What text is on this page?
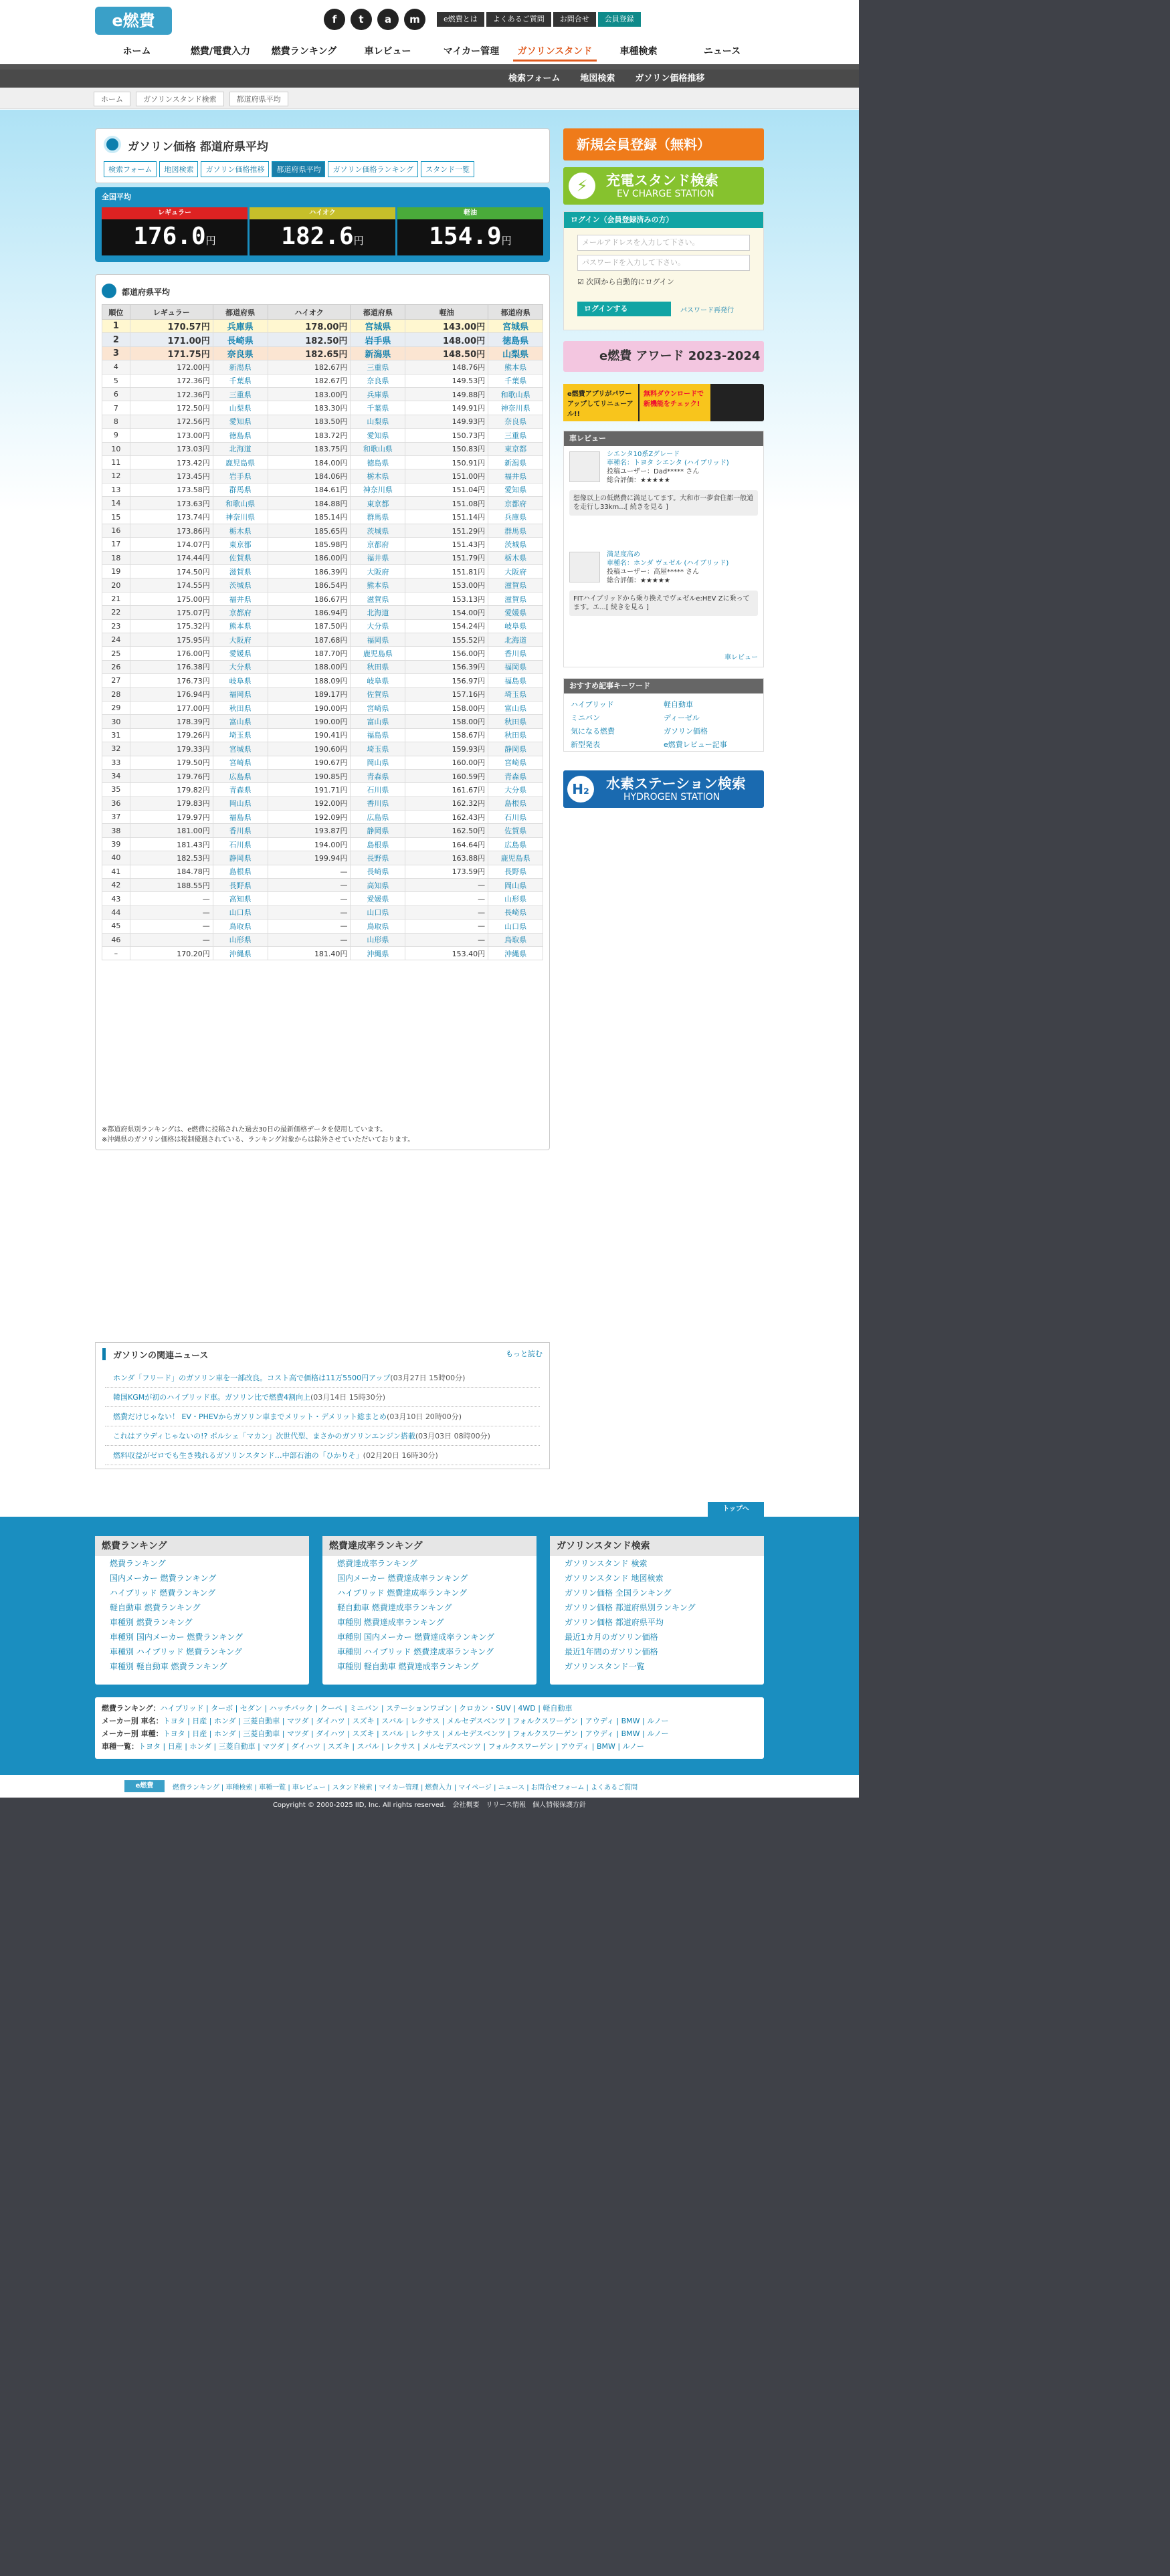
e燃費	f	t	a	m	e燃費とは	よくあるご質問	お問合せ	会員登録
ホーム	燃費/電費入力	燃費ランキング	車レビュー	マイカー管理	ガソリンスタンド	車種検索	ニュース
検索フォーム 地図検索 ガソリン価格推移
ホーム	ガソリンスタンド検索	都道府県平均
ガソリン価格 都道府県平均
検索フォーム	地図検索	ガソリン価格推移	都道府県平均	ガソリン価格ランキング	スタンド一覧
全国平均
レギュラー
176.0円
ハイオク
182.6円
軽油
154.9円
都道府県平均
順位	レギュラー	都道府県	ハイオク	都道府県	軽油	都道府県
1	170.57円	兵庫県	178.00円	宮城県	143.00円	宮城県
2	171.00円	長崎県	182.50円	岩手県	148.00円	徳島県
3	171.75円	奈良県	182.65円	新潟県	148.50円	山梨県
4	172.00円	新潟県	182.67円	三重県	148.76円	熊本県
5	172.36円	千葉県	182.67円	奈良県	149.53円	千葉県
6	172.36円	三重県	183.00円	兵庫県	149.88円	和歌山県
7	172.50円	山梨県	183.30円	千葉県	149.91円	神奈川県
8	172.56円	愛知県	183.50円	山梨県	149.93円	奈良県
9	173.00円	徳島県	183.72円	愛知県	150.73円	三重県
10	173.03円	北海道	183.75円	和歌山県	150.83円	東京都
11	173.42円	鹿児島県	184.00円	徳島県	150.91円	新潟県
12	173.45円	岩手県	184.06円	栃木県	151.00円	福井県
13	173.58円	群馬県	184.61円	神奈川県	151.04円	愛知県
14	173.63円	和歌山県	184.88円	東京都	151.08円	京都府
15	173.74円	神奈川県	185.14円	群馬県	151.14円	兵庫県
16	173.86円	栃木県	185.65円	茨城県	151.29円	群馬県
17	174.07円	東京都	185.98円	京都府	151.43円	茨城県
18	174.44円	佐賀県	186.00円	福井県	151.79円	栃木県
19	174.50円	滋賀県	186.39円	大阪府	151.81円	大阪府
20	174.55円	茨城県	186.54円	熊本県	153.00円	滋賀県
21	175.00円	福井県	186.67円	滋賀県	153.13円	滋賀県
22	175.07円	京都府	186.94円	北海道	154.00円	愛媛県
23	175.32円	熊本県	187.50円	大分県	154.24円	岐阜県
24	175.95円	大阪府	187.68円	福岡県	155.52円	北海道
25	176.00円	愛媛県	187.70円	鹿児島県	156.00円	香川県
26	176.38円	大分県	188.00円	秋田県	156.39円	福岡県
27	176.73円	岐阜県	188.09円	岐阜県	156.97円	福島県
28	176.94円	福岡県	189.17円	佐賀県	157.16円	埼玉県
29	177.00円	秋田県	190.00円	宮崎県	158.00円	富山県
30	178.39円	富山県	190.00円	富山県	158.00円	秋田県
31	179.26円	埼玉県	190.41円	福島県	158.67円	秋田県
32	179.33円	宮城県	190.60円	埼玉県	159.93円	静岡県
33	179.50円	宮崎県	190.67円	岡山県	160.00円	宮崎県
34	179.76円	広島県	190.85円	青森県	160.59円	青森県
35	179.82円	青森県	191.71円	石川県	161.67円	大分県
36	179.83円	岡山県	192.00円	香川県	162.32円	島根県
37	179.97円	福島県	192.09円	広島県	162.43円	石川県
38	181.00円	香川県	193.87円	静岡県	162.50円	佐賀県
39	181.43円	石川県	194.00円	島根県	164.64円	広島県
40	182.53円	静岡県	199.94円	長野県	163.88円	鹿児島県
41	184.78円	島根県	—	長崎県	173.59円	長野県
42	188.55円	長野県	—	高知県	—	岡山県
43	—	高知県	—	愛媛県	—	山形県
44	—	山口県	—	山口県	—	長崎県
45	—	鳥取県	—	鳥取県	—	山口県
46	—	山形県	—	山形県	—	鳥取県
–	170.20円	沖縄県	181.40円	沖縄県	153.40円	沖縄県
※都道府県別ランキングは、e燃費に投稿された過去30日の最新価格データを使用しています。
※沖縄県のガソリン価格は税制優遇されている、ランキング対象からは除外させていただいております。
新規会員登録（無料）
⚡	充電スタンド検索
EV CHARGE STATION
ログイン（会員登録済みの方）
メールアドレスを入力して下さい。
パスワードを入力して下さい。
☑ 次回から自動的にログイン
ログインする	パスワード再発行
e燃費 アワード 2023-2024
e燃費アプリがパワーアップしてリニューアル!!
無料ダウンロードで新機能をチェック!
車レビュー
シエンタ10系Zグレード
車種名：トヨタ シエンタ (ハイブリッド)
投稿ユーザー：Dad***** さん
総合評価：★★★★★
想像以上の低燃費に満足してます。大和市一夢食住都一般道を走行し33km...[ 続きを見る ]
満足度高め
車種名：ホンダ ヴェゼル (ハイブリッド)
投稿ユーザー：高屋***** さん
総合評価：★★★★★
FITハイブリッドから乗り換えでヴェゼルe:HEV Zに乗ってます。エ...[ 続きを見る ]
車レビュー
おすすめ記事キーワード
ハイブリッド	軽自動車
ミニバン	ディーゼル
気になる燃費	ガソリン価格
新型発表	e燃費レビュー記事
H₂	水素ステーション検索
HYDROGEN STATION
ガソリンの関連ニュース	もっと読む
ホンダ「フリード」のガソリン車を一部改良。コスト高で価格は11万5500円アップ(03月27日 15時00分)
韓国KGMが初のハイブリッド車。ガソリン比で燃費4割向上(03月14日 15時30分)
燃費だけじゃない！ EV・PHEVからガソリン車までメリット・デメリット総まとめ(03月10日 20時00分)
これはアウディじゃないの!? ポルシェ「マカン」次世代型、まさかのガソリンエンジン搭載(03月03日 08時00分)
燃料収益がゼロでも生き残れるガソリンスタンド…中部石油の「ひかりそ」(02月20日 16時30分)
トップへ
燃費ランキング
燃費ランキング
国内メーカー 燃費ランキング
ハイブリッド 燃費ランキング
軽自動車 燃費ランキング
車種別 燃費ランキング
車種別 国内メーカー 燃費ランキング
車種別 ハイブリッド 燃費ランキング
車種別 軽自動車 燃費ランキング
燃費達成率ランキング
燃費達成率ランキング
国内メーカー 燃費達成率ランキング
ハイブリッド 燃費達成率ランキング
軽自動車 燃費達成率ランキング
車種別 燃費達成率ランキング
車種別 国内メーカー 燃費達成率ランキング
車種別 ハイブリッド 燃費達成率ランキング
車種別 軽自動車 燃費達成率ランキング
ガソリンスタンド検索
ガソリンスタンド 検索
ガソリンスタンド 地図検索
ガソリン価格 全国ランキング
ガソリン価格 都道府県別ランキング
ガソリン価格 都道府県平均
最近1カ月のガソリン価格
最近1年間のガソリン価格
ガソリンスタンド一覧
燃費ランキング：ハイブリッド | ターボ | セダン | ハッチバック | クーペ | ミニバン | ステーションワゴン | クロカン・SUV | 4WD | 軽自動車
メーカー別 車名：トヨタ | 日産 | ホンダ | 三菱自動車 | マツダ | ダイハツ | スズキ | スバル | レクサス | メルセデスベンツ | フォルクスワーゲン | アウディ | BMW | ルノー
メーカー別 車種：トヨタ | 日産 | ホンダ | 三菱自動車 | マツダ | ダイハツ | スズキ | スバル | レクサス | メルセデスベンツ | フォルクスワーゲン | アウディ | BMW | ルノー
車種一覧：トヨタ | 日産 | ホンダ | 三菱自動車 | マツダ | ダイハツ | スズキ | スバル | レクサス | メルセデスベンツ | フォルクスワーゲン | アウディ | BMW | ルノー
e燃費	燃費ランキング | 車種検索 | 車種一覧 | 車レビュー | スタンド検索 | マイカー管理 | 燃費入力 | マイページ | ニュース | お問合せフォーム | よくあるご質問
Copyright © 2000-2025 IID, Inc. All rights reserved.　会社概要　リリース情報　個人情報保護方針
